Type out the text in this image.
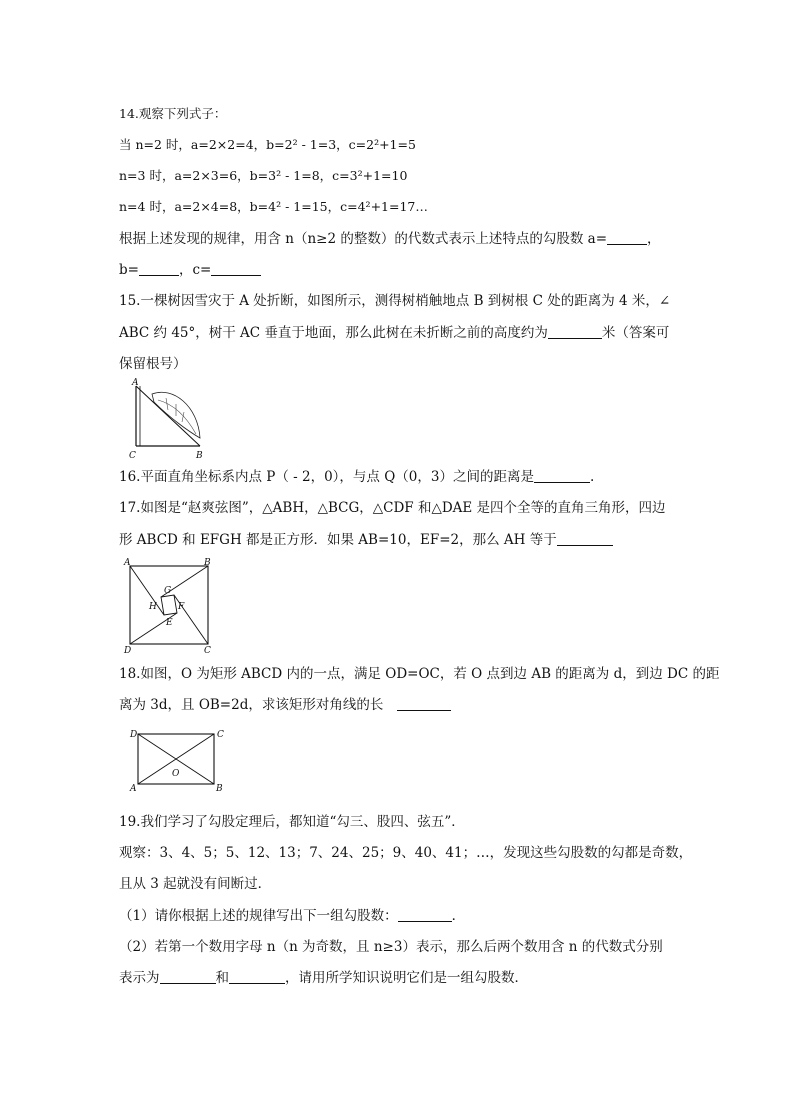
14.观察下列式子：
当 n=2 时，a=2×2=4，b=2² - 1=3，c=2²+1=5
n=3 时，a=2×3=6，b=3² - 1=8，c=3²+1=10
n=4 时，a=2×4=8，b=4² - 1=15，c=4²+1=17…
根据上述发现的规律，用含 n（n≥2 的整数）的代数式表示上述特点的勾股数 a=	，
b=	，c=
15.一棵树因雪灾于 A 处折断，如图所示，测得树梢触地点 B 到树根 C 处的距离为 4 米，∠
ABC 约 45°，树干 AC 垂直于地面，那么此树在未折断之前的高度约为	米（答案可
保留根号）
A
C	B
16.平面直角坐标系内点 P（ - 2，0），与点 Q（0，3）之间的距离是	.
17.如图是“赵爽弦图”，△ABH，△BCG，△CDF 和△DAE 是四个全等的直角三角形，四边
形 ABCD 和 EFGH 都是正方形．如果 AB=10，EF=2，那么 AH 等于
A	B
C
D
G
H F
E
18.如图，O 为矩形 ABCD 内的一点，满足 OD=OC，若 O 点到边 AB 的距离为 d，到边 DC 的距
离为 3d，且 OB=2d，求该矩形对角线的长
D	C
A	B
O
19.我们学习了勾股定理后，都知道“勾三、股四、弦五”．
观察：3、4、5；5、12、13；7、24、25；9、40、41；…，发现这些勾股数的勾都是奇数，
且从 3 起就没有间断过．
（1）请你根据上述的规律写出下一组勾股数：	．
（2）若第一个数用字母 n（n 为奇数，且 n≥3）表示，那么后两个数用含 n 的代数式分别
表示为	和	，请用所学知识说明它们是一组勾股数．
